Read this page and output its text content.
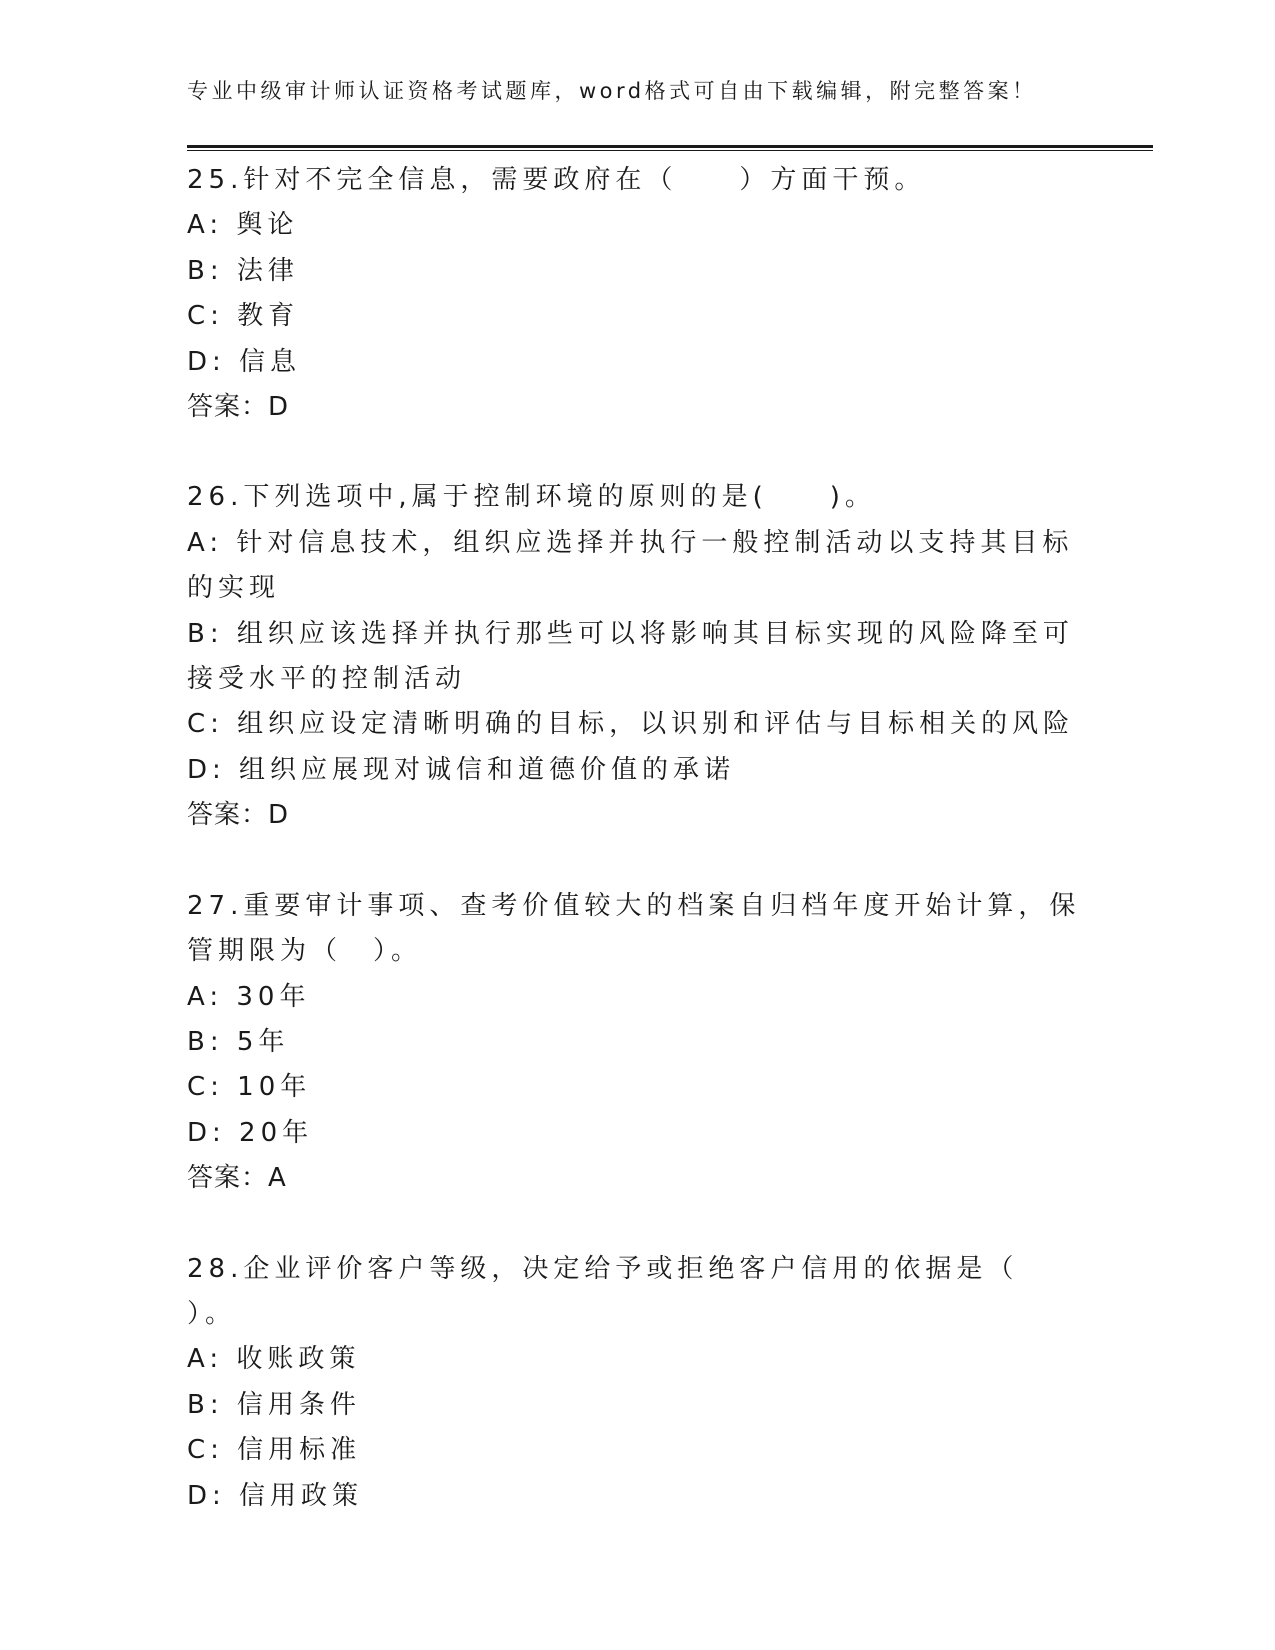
专业中级审计师认证资格考试题库，word格式可自由下载编辑，附完整答案！

25.针对不完全信息，需要政府在（　　）方面干预。

A: 舆论

B: 法律

C: 教育

D: 信息

答案：D

26.下列选项中,属于控制环境的原则的是(　　)。

A: 针对信息技术，组织应选择并执行一般控制活动以支持其目标的实现

B: 组织应该选择并执行那些可以将影响其目标实现的风险降至可接受水平的控制活动

C: 组织应设定清晰明确的目标，以识别和评估与目标相关的风险

D: 组织应展现对诚信和道德价值的承诺

答案：D

27.重要审计事项、查考价值较大的档案自归档年度开始计算，保管期限为（　）。

A: 30年

B: 5年

C: 10年

D: 20年

答案：A

28.企业评价客户等级，决定给予或拒绝客户信用的依据是（　　）。

A: 收账政策

B: 信用条件

C: 信用标准

D: 信用政策
